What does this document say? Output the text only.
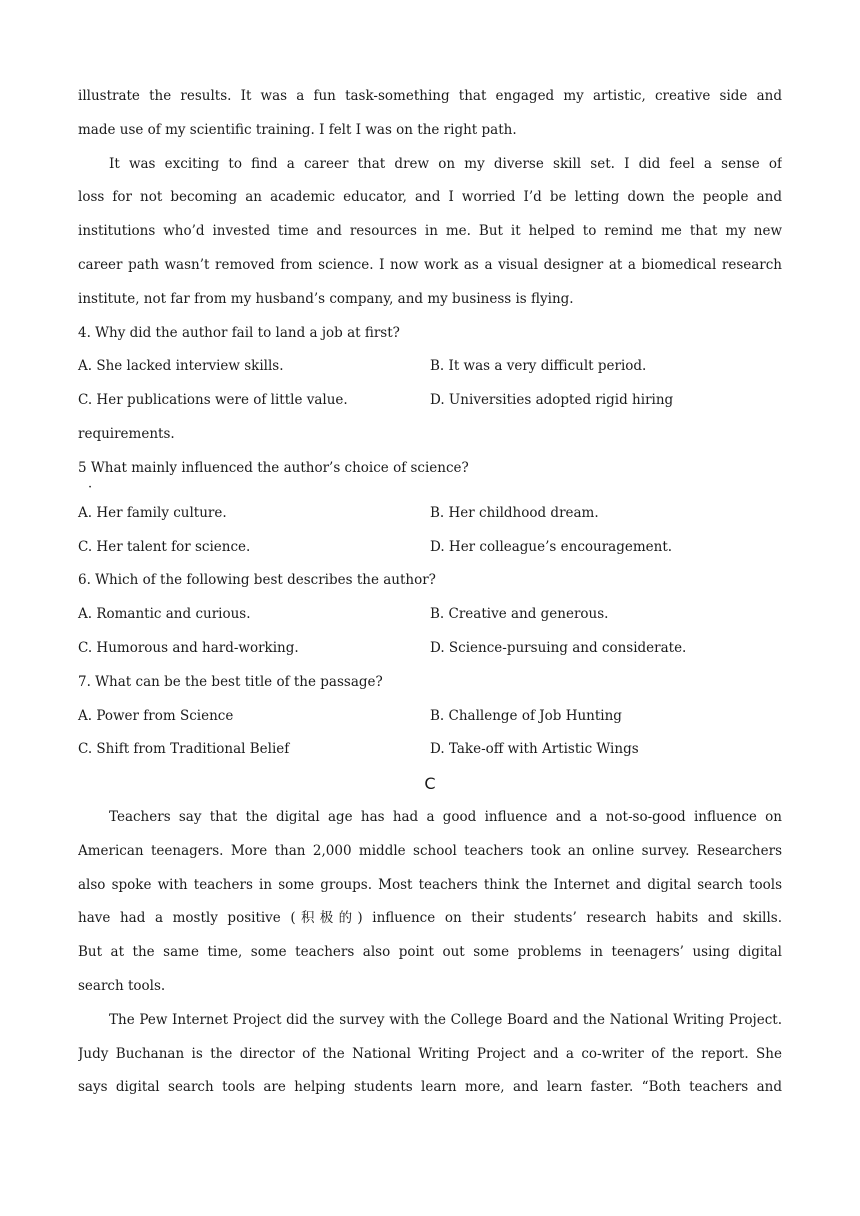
illustrate the results. It was a fun task-something that engaged my artistic, creative side and
made use of my scientific training. I felt I was on the right path.
It was exciting to find a career that drew on my diverse skill set. I did feel a sense of
loss for not becoming an academic educator, and I worried I’d be letting down the people and
institutions who’d invested time and resources in me. But it helped to remind me that my new
career path wasn’t removed from science. I now work as a visual designer at a biomedical research
institute, not far from my husband’s company, and my business is flying.
4. Why did the author fail to land a job at first?
A. She lacked interview skills.	B. It was a very difficult period.
C. Her publications were of little value.	D. Universities adopted rigid hiring
requirements.
5 What mainly influenced the author’s choice of science?
·
A. Her family culture.	B. Her childhood dream.
C. Her talent for science.	D. Her colleague’s encouragement.
6. Which of the following best describes the author?
A. Romantic and curious.	B. Creative and generous.
C. Humorous and hard-working.	D. Science-pursuing and considerate.
7. What can be the best title of the passage?
A. Power from Science	B. Challenge of Job Hunting
C. Shift from Traditional Belief	D. Take-off with Artistic Wings
C
Teachers say that the digital age has had a good influence and a not-so-good influence on
American teenagers. More than 2,000 middle school teachers took an online survey. Researchers
also spoke with teachers in some groups. Most teachers think the Internet and digital search tools
have had a mostly positive (积极的) influence on their students’ research habits and skills.
But at the same time, some teachers also point out some problems in teenagers’ using digital
search tools.
The Pew Internet Project did the survey with the College Board and the National Writing Project.
Judy Buchanan is the director of the National Writing Project and a co-writer of the report. She
says digital search tools are helping students learn more, and learn faster. “Both teachers and
